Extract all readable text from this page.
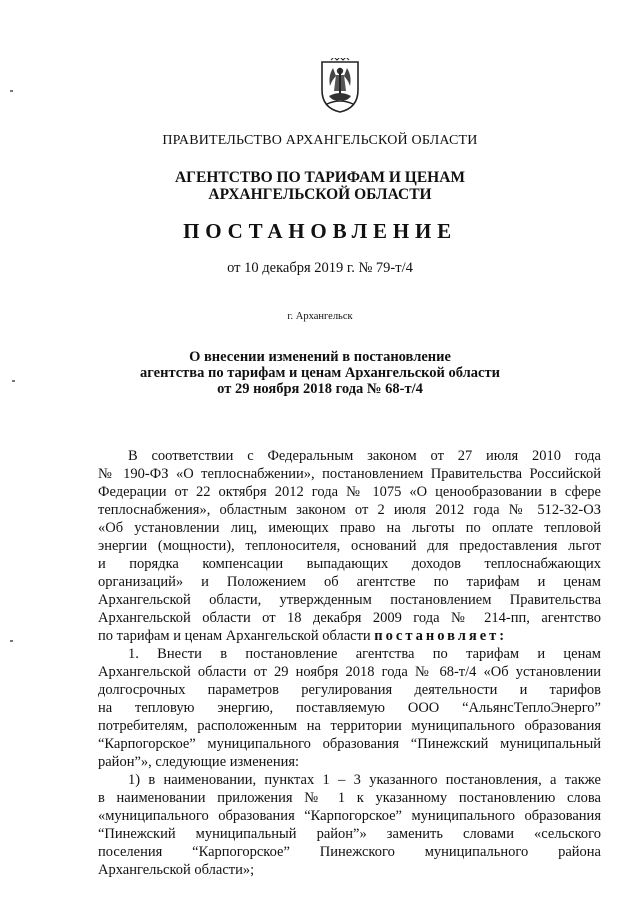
ПРАВИТЕЛЬСТВО АРХАНГЕЛЬСКОЙ ОБЛАСТИ
АГЕНТСТВО ПО ТАРИФАМ И ЦЕНАМ
АРХАНГЕЛЬСКОЙ ОБЛАСТИ
ПОСТАНОВЛЕНИЕ
от 10 декабря 2019 г. № 79-т/4
г. Архангельск
О внесении изменений в постановление
агентства по тарифам и ценам Архангельской области
от 29 ноября 2018 года № 68-т/4
В соответствии с Федеральным законом от 27 июля 2010 года
№ 190-ФЗ «О теплоснабжении», постановлением Правительства Российской
Федерации от 22 октября 2012 года № 1075 «О ценообразовании в сфере
теплоснабжения», областным законом от 2 июля 2012 года № 512-32-ОЗ
«Об установлении лиц, имеющих право на льготы по оплате тепловой
энергии (мощности), теплоносителя, оснований для предоставления льгот
и порядка компенсации выпадающих доходов теплоснабжающих
организаций» и Положением об агентстве по тарифам и ценам
Архангельской области, утвержденным постановлением Правительства
Архангельской области от 18 декабря 2009 года № 214-пп, агентство
по тарифам и ценам Архангельской области постановляет:
1. Внести в постановление агентства по тарифам и ценам
Архангельской области от 29 ноября 2018 года № 68-т/4 «Об установлении
долгосрочных параметров регулирования деятельности и тарифов
на тепловую энергию, поставляемую ООО “АльянсТеплоЭнерго”
потребителям, расположенным на территории муниципального образования
“Карпогорское” муниципального образования “Пинежский муниципальный
район”», следующие изменения:
1) в наименовании, пунктах 1 – 3 указанного постановления, а также
в наименовании приложения № 1 к указанному постановлению слова
«муниципального образования “Карпогорское” муниципального образования
“Пинежский муниципальный район”» заменить словами «сельского
поселения “Карпогорское” Пинежского муниципального района
Архангельской области»;
